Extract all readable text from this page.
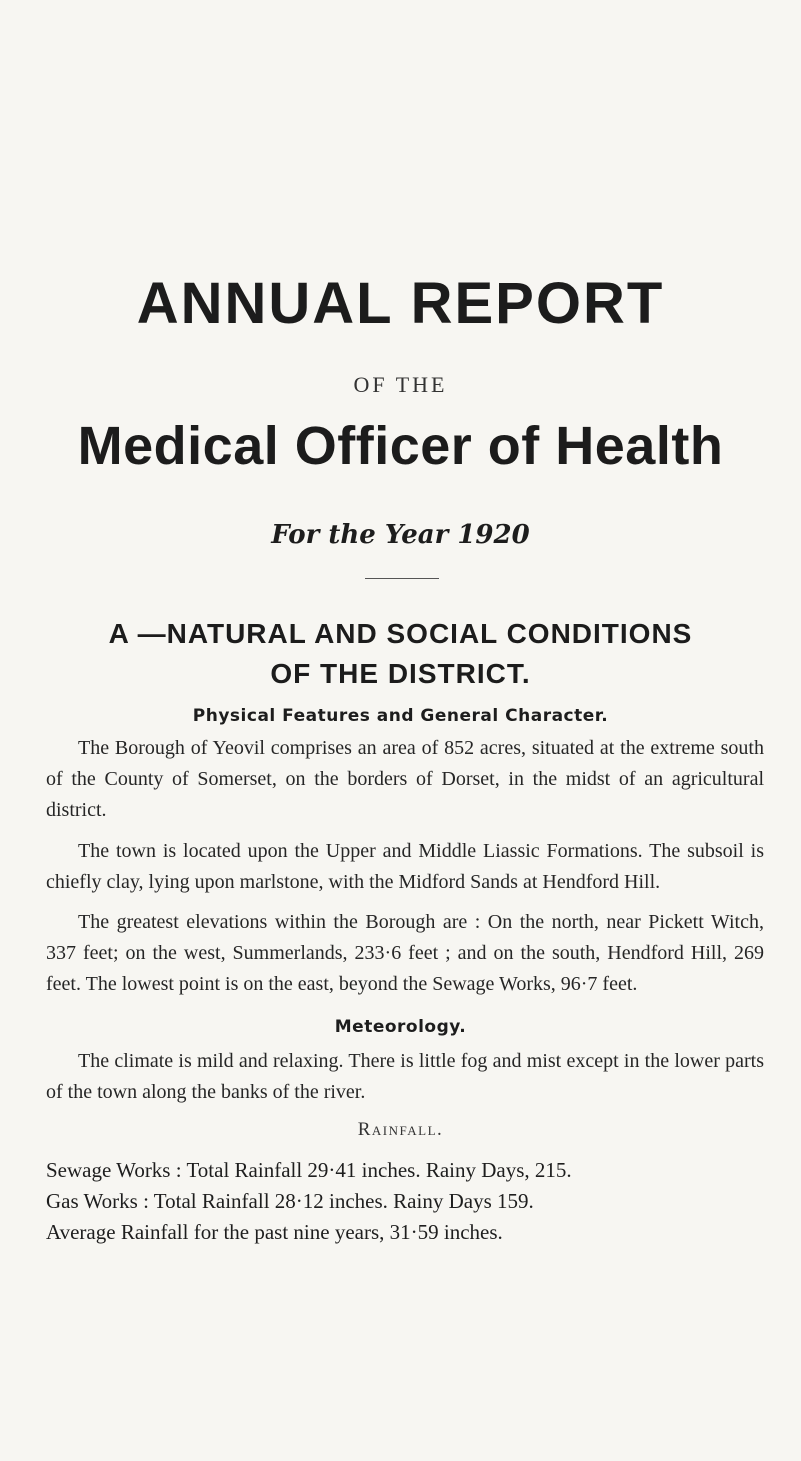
ANNUAL REPORT
OF THE
Medical Officer of Health
For the Year 1920
A —NATURAL AND SOCIAL CONDITIONS
OF THE DISTRICT.
Physical Features and General Character.

The Borough of Yeovil comprises an area of 852 acres, situated at the extreme south of the County of Somerset, on the borders of Dorset, in the midst of an agricultural district.

The town is located upon the Upper and Middle Liassic Formations. The subsoil is chiefly clay, lying upon marlstone, with the Midford Sands at Hendford Hill.

The greatest elevations within the Borough are : On the north, near Pickett Witch, 337 feet; on the west, Summerlands, 233·6 feet ; and on the south, Hendford Hill, 269 feet. The lowest point is on the east, beyond the Sewage Works, 96·7 feet.

Meteorology.

The climate is mild and relaxing. There is little fog and mist except in the lower parts of the town along the banks of the river.

Rainfall.

Sewage Works : Total Rainfall 29·41 inches. Rainy Days, 215.

Gas Works : Total Rainfall 28·12 inches. Rainy Days 159.

Average Rainfall for the past nine years, 31·59 inches.
